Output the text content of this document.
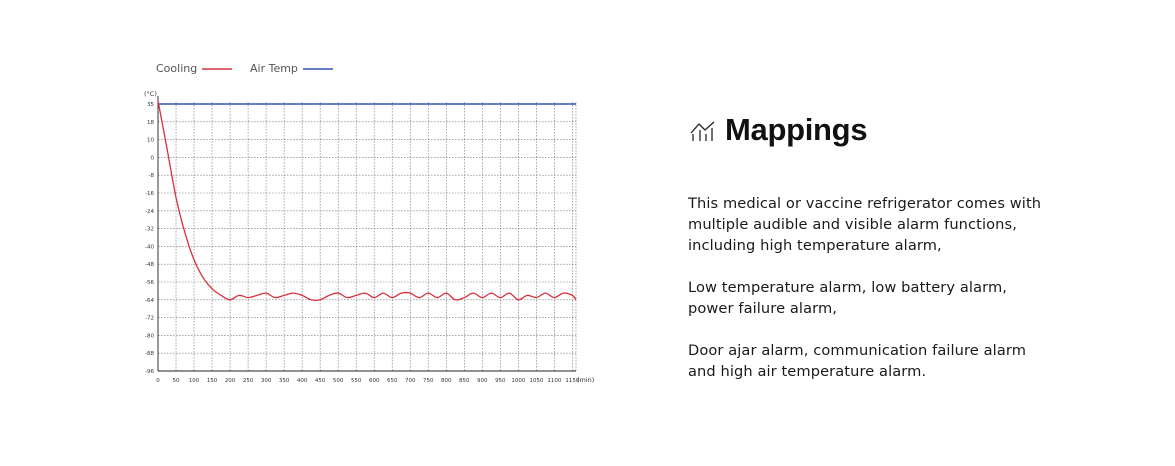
Cooling	Air Temp
35
18
10
0
-8
-16
-24
-32
-40
-48
-56
-64
-72
-80
-88
-96
(°C)
0 50 100 150 200 250 300 350 400 450 500 550 600 650 700 750 800 850 900 950 1000 1050 1100 1150
(min)
Mappings

This medical or vaccine refrigerator comes with
multiple audible and visible alarm functions,
including high temperature alarm,

Low temperature alarm, low battery alarm,
power failure alarm,

Door ajar alarm, communication failure alarm
and high air temperature alarm.
